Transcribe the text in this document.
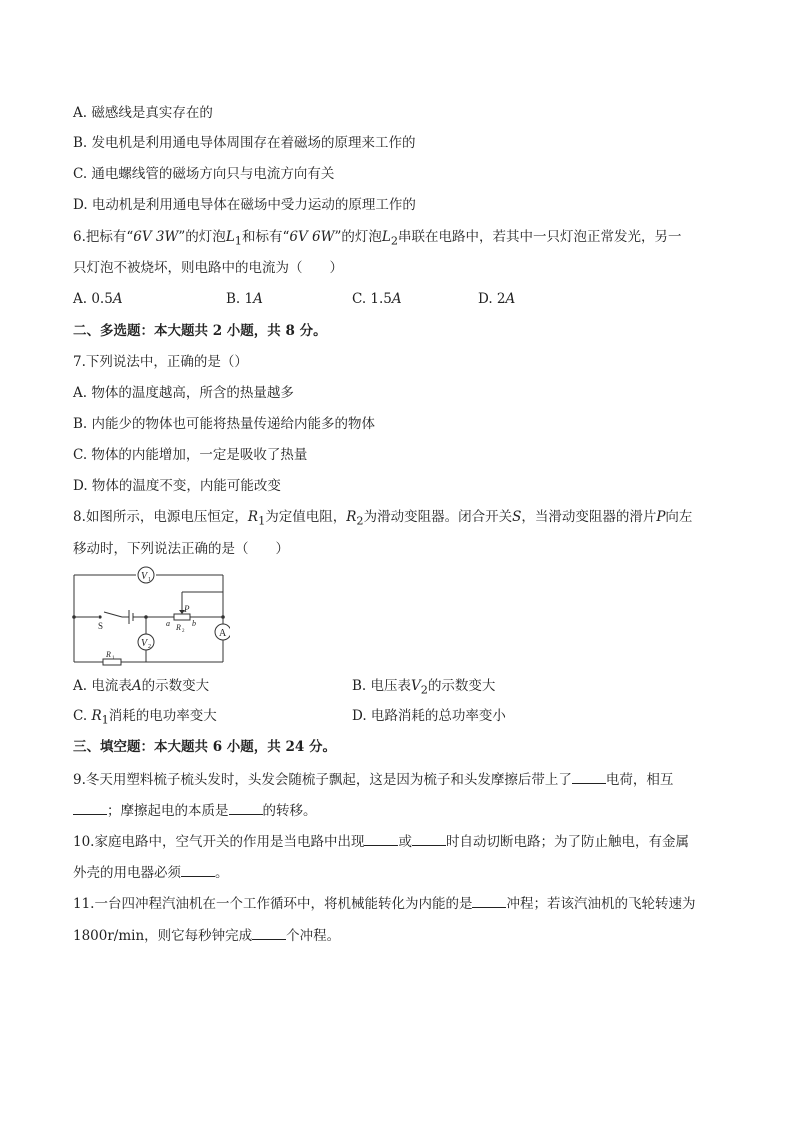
A. 磁感线是真实存在的
B. 发电机是利用通电导体周围存在着磁场的原理来工作的
C. 通电螺线管的磁场方向只与电流方向有关
D. 电动机是利用通电导体在磁场中受力运动的原理工作的
6.把标有“6V 3W”的灯泡$L_1$和标有“6V 6W”的灯泡$L_2$串联在电路中，若其中一只灯泡正常发光，另一
只灯泡不被烧坏，则电路中的电流为（　　）
A. 0.5A	B. 1A	C. 1.5A	D. 2A
二、多选题：本大题共 2 小题，共 8 分。
7.下列说法中，正确的是（）
A. 物体的温度越高，所含的热量越多
B. 内能少的物体也可能将热量传递给内能多的物体
C. 物体的内能增加，一定是吸收了热量
D. 物体的温度不变，内能可能改变
8.如图所示，电源电压恒定，$R_1$为定值电阻，$R_2$为滑动变阻器。闭合开关S，当滑动变阻器的滑片P向左
移动时，下列说法正确的是（　　）
V 1
V 2
A
S
P
a	b
R 2
R 1
A. 电流表A的示数变大	B. 电压表$V_2$的示数变大
C. $R_1$消耗的电功率变大	D. 电路消耗的总功率变小
三、填空题：本大题共 6 小题，共 24 分。
9.冬天用塑料梳子梳头发时，头发会随梳子飘起，这是因为梳子和头发摩擦后带上了	电荷，相互
；摩擦起电的本质是	的转移。
10.家庭电路中，空气开关的作用是当电路中出现	或	时自动切断电路；为了防止触电，有金属
外壳的用电器必须	。
11.一台四冲程汽油机在一个工作循环中，将机械能转化为内能的是	冲程；若该汽油机的飞轮转速为
1800r/min，则它每秒钟完成	个冲程。
